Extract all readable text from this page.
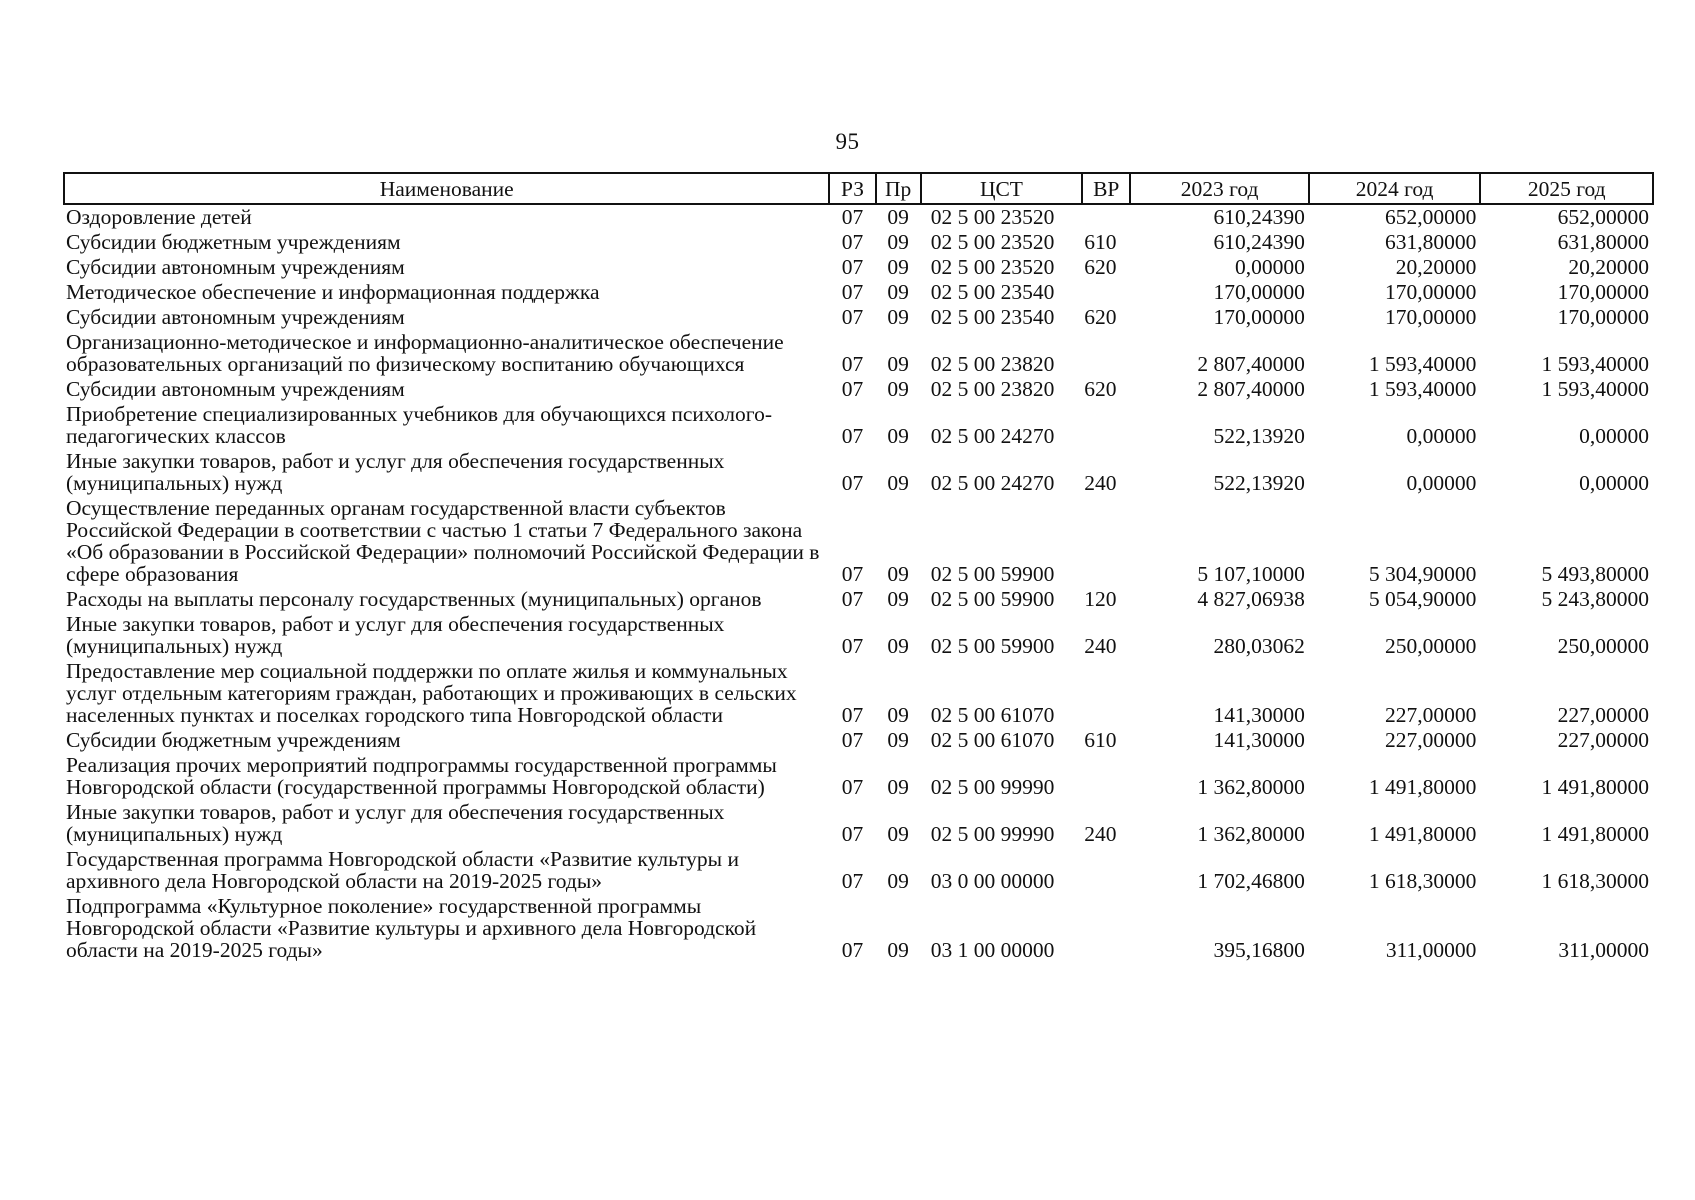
95
Наименование	РЗ	Пр	ЦСТ	ВР	2023 год	2024 год	2025 год
Оздоровление детей	07	09	02 5 00 23520		610,24390	652,00000	652,00000
Субсидии бюджетным учреждениям	07	09	02 5 00 23520	610	610,24390	631,80000	631,80000
Субсидии автономным учреждениям	07	09	02 5 00 23520	620	0,00000	20,20000	20,20000
Методическое обеспечение и информационная поддержка	07	09	02 5 00 23540		170,00000	170,00000	170,00000
Субсидии автономным учреждениям	07	09	02 5 00 23540	620	170,00000	170,00000	170,00000
Организационно-методическое и информационно-аналитическое обеспечение образовательных организаций по физическому воспитанию обучающихся	07	09	02 5 00 23820		2 807,40000	1 593,40000	1 593,40000
Субсидии автономным учреждениям	07	09	02 5 00 23820	620	2 807,40000	1 593,40000	1 593,40000
Приобретение специализированных учебников для обучающихся психолого-педагогических классов	07	09	02 5 00 24270		522,13920	0,00000	0,00000
Иные закупки товаров, работ и услуг для обеспечения государственных (муниципальных) нужд	07	09	02 5 00 24270	240	522,13920	0,00000	0,00000
Осуществление переданных органам государственной власти субъектов Российской Федерации в соответствии с частью 1 статьи 7 Федерального закона «Об образовании в Российской Федерации» полномочий Российской Федерации в сфере образования	07	09	02 5 00 59900		5 107,10000	5 304,90000	5 493,80000
Расходы на выплаты персоналу государственных (муниципальных) органов	07	09	02 5 00 59900	120	4 827,06938	5 054,90000	5 243,80000
Иные закупки товаров, работ и услуг для обеспечения государственных (муниципальных) нужд	07	09	02 5 00 59900	240	280,03062	250,00000	250,00000
Предоставление мер социальной поддержки по оплате жилья и коммунальных услуг отдельным категориям граждан, работающих и проживающих в сельских населенных пунктах и поселках городского типа Новгородской области	07	09	02 5 00 61070		141,30000	227,00000	227,00000
Субсидии бюджетным учреждениям	07	09	02 5 00 61070	610	141,30000	227,00000	227,00000
Реализация прочих мероприятий подпрограммы государственной программы Новгородской области (государственной программы Новгородской области)	07	09	02 5 00 99990		1 362,80000	1 491,80000	1 491,80000
Иные закупки товаров, работ и услуг для обеспечения государственных (муниципальных) нужд	07	09	02 5 00 99990	240	1 362,80000	1 491,80000	1 491,80000
Государственная программа Новгородской области «Развитие культуры и архивного дела Новгородской области на 2019-2025 годы»	07	09	03 0 00 00000		1 702,46800	1 618,30000	1 618,30000
Подпрограмма «Культурное поколение» государственной программы Новгородской области «Развитие культуры и архивного дела Новгородской области на 2019-2025 годы»	07	09	03 1 00 00000		395,16800	311,00000	311,00000
